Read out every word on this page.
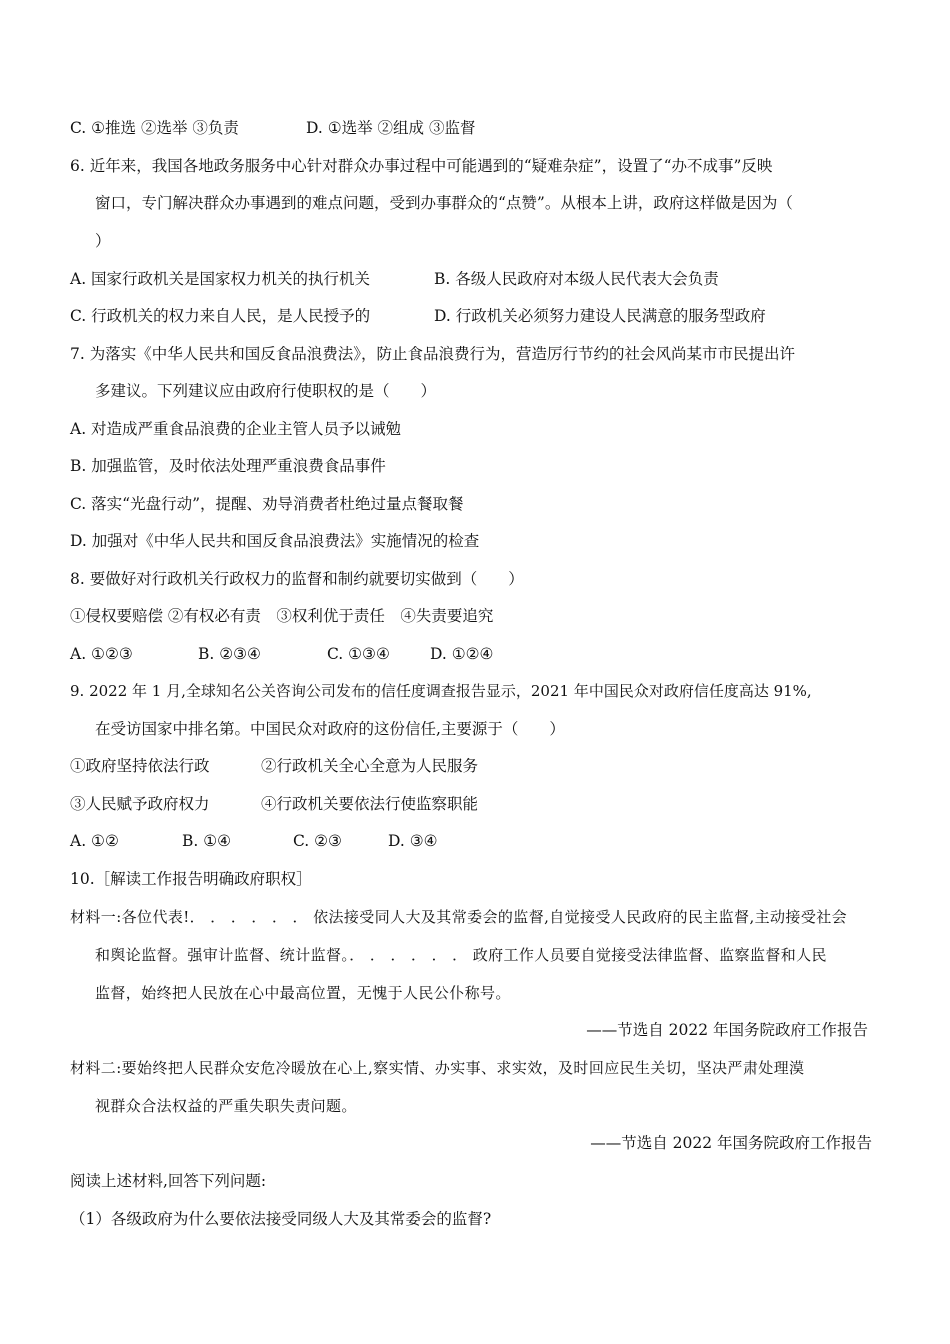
C. ①推选 ②选举 ③负责	D. ①选举 ②组成 ③监督
6. 近年来，我国各地政务服务中心针对群众办事过程中可能遇到的“疑难杂症”，设置了“办不成事”反映
窗口，专门解决群众办事遇到的难点问题，受到办事群众的“点赞”。从根本上讲，政府这样做是因为（
）
A. 国家行政机关是国家权力机关的执行机关	B. 各级人民政府对本级人民代表大会负责
C. 行政机关的权力来自人民，是人民授予的	D. 行政机关必须努力建设人民满意的服务型政府
7. 为落实《中华人民共和国反食品浪费法》，防止食品浪费行为，营造厉行节约的社会风尚某市市民提出许
多建议。下列建议应由政府行使职权的是（　　）
A. 对造成严重食品浪费的企业主管人员予以诫勉
B. 加强监管，及时依法处理严重浪费食品事件
C. 落实“光盘行动”，提醒、劝导消费者杜绝过量点餐取餐
D. 加强对《中华人民共和国反食品浪费法》实施情况的检查
8. 要做好对行政机关行政权力的监督和制约就要切实做到（　　）
①侵权要赔偿 ②有权必有责　③权利优于责任　④失责要追究
A. ①②③	B. ②③④	C. ①③④	D. ①②④
9. 2022 年 1 月,全球知名公关咨询公司发布的信任度调查报告显示，2021 年中国民众对政府信任度高达 91%,
在受访国家中排名第。中国民众对政府的这份信任,主要源于（　　）
①政府坚持依法行政	②行政机关全心全意为人民服务
③人民赋予政府权力	④行政机关要依法行使监察职能
A. ①②	B. ①④	C. ②③	D. ③④
10.［解读工作报告明确政府职权］
材料一:各位代表!． ． ． ． ． ． 依法接受同人大及其常委会的监督,自觉接受人民政府的民主监督,主动接受社会
和舆论监督。强审计监督、统计监督。． ． ． ． ． ． 政府工作人员要自觉接受法律监督、监察监督和人民
监督，始终把人民放在心中最高位置，无愧于人民公仆称号。
——节选自 2022 年国务院政府工作报告
材料二:要始终把人民群众安危冷暖放在心上,察实情、办实事、求实效，及时回应民生关切，坚决严肃处理漠
视群众合法权益的严重失职失责问题。
——节选自 2022 年国务院政府工作报告
阅读上述材料,回答下列问题:
（1）各级政府为什么要依法接受同级人大及其常委会的监督?
